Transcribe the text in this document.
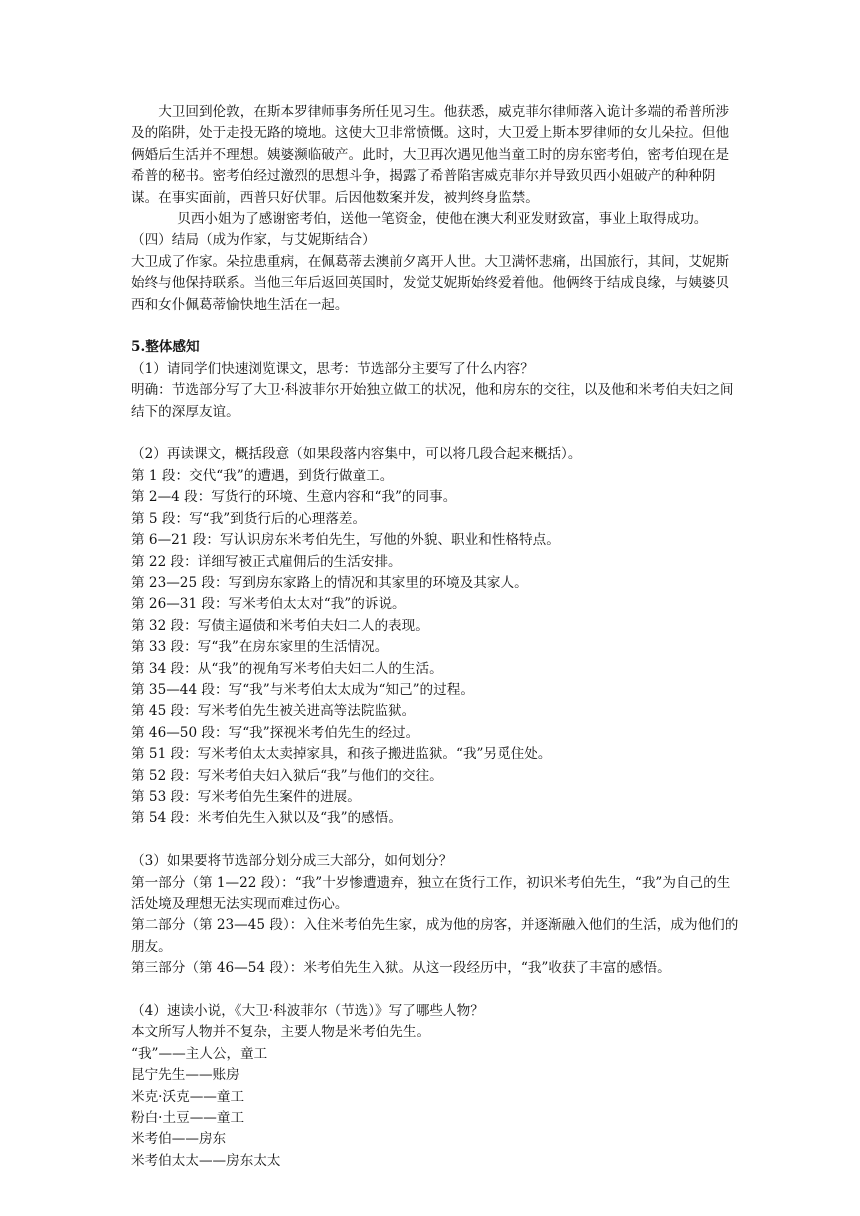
大卫回到伦敦，在斯本罗律师事务所任见习生。他获悉，威克菲尔律师落入诡计多端的希普所涉及的陷阱，处于走投无路的境地。这使大卫非常愤慨。这时，大卫爱上斯本罗律师的女儿朵拉。但他俩婚后生活并不理想。姨婆濒临破产。此时，大卫再次遇见他当童工时的房东密考伯，密考伯现在是希普的秘书。密考伯经过激烈的思想斗争，揭露了希普陷害威克菲尔并导致贝西小姐破产的种种阴谋。在事实面前，西普只好伏罪。后因他数案并发，被判终身监禁。

贝西小姐为了感谢密考伯，送他一笔资金，使他在澳大利亚发财致富，事业上取得成功。

（四）结局（成为作家，与艾妮斯结合）

大卫成了作家。朵拉患重病，在佩葛蒂去澳前夕离开人世。大卫满怀悲痛，出国旅行，其间，艾妮斯始终与他保持联系。当他三年后返回英国时，发觉艾妮斯始终爱着他。他俩终于结成良缘，与姨婆贝西和女仆佩葛蒂愉快地生活在一起。

5.整体感知

（1）请同学们快速浏览课文，思考：节选部分主要写了什么内容？

明确：节选部分写了大卫·科波菲尔开始独立做工的状况，他和房东的交往，以及他和米考伯夫妇之间结下的深厚友谊。

（2）再读课文，概括段意（如果段落内容集中，可以将几段合起来概括）。

第 1 段：交代“我”的遭遇，到货行做童工。

第 2—4 段：写货行的环境、生意内容和“我”的同事。

第 5 段：写“我”到货行后的心理落差。

第 6—21 段：写认识房东米考伯先生，写他的外貌、职业和性格特点。

第 22 段：详细写被正式雇佣后的生活安排。

第 23—25 段：写到房东家路上的情况和其家里的环境及其家人。

第 26—31 段：写米考伯太太对“我”的诉说。

第 32 段：写债主逼债和米考伯夫妇二人的表现。

第 33 段：写“我”在房东家里的生活情况。

第 34 段：从“我”的视角写米考伯夫妇二人的生活。

第 35—44 段：写“我”与米考伯太太成为“知己”的过程。

第 45 段：写米考伯先生被关进高等法院监狱。

第 46—50 段：写“我”探视米考伯先生的经过。

第 51 段：写米考伯太太卖掉家具，和孩子搬进监狱。“我”另觅住处。

第 52 段：写米考伯夫妇入狱后“我”与他们的交往。

第 53 段：写米考伯先生案件的进展。

第 54 段：米考伯先生入狱以及“我”的感悟。

（3）如果要将节选部分划分成三大部分，如何划分？

第一部分（第 1—22 段）：“我”十岁惨遭遗弃，独立在货行工作，初识米考伯先生，“我”为自己的生活处境及理想无法实现而难过伤心。

第二部分（第 23—45 段）：入住米考伯先生家，成为他的房客，并逐渐融入他们的生活，成为他们的朋友。

第三部分（第 46—54 段）：米考伯先生入狱。从这一段经历中，“我”收获了丰富的感悟。

（4）速读小说，《大卫·科波菲尔（节选）》写了哪些人物？

本文所写人物并不复杂，主要人物是米考伯先生。

“我”——主人公，童工

昆宁先生——账房

米克·沃克——童工

粉白·土豆——童工

米考伯——房东

米考伯太太——房东太太
